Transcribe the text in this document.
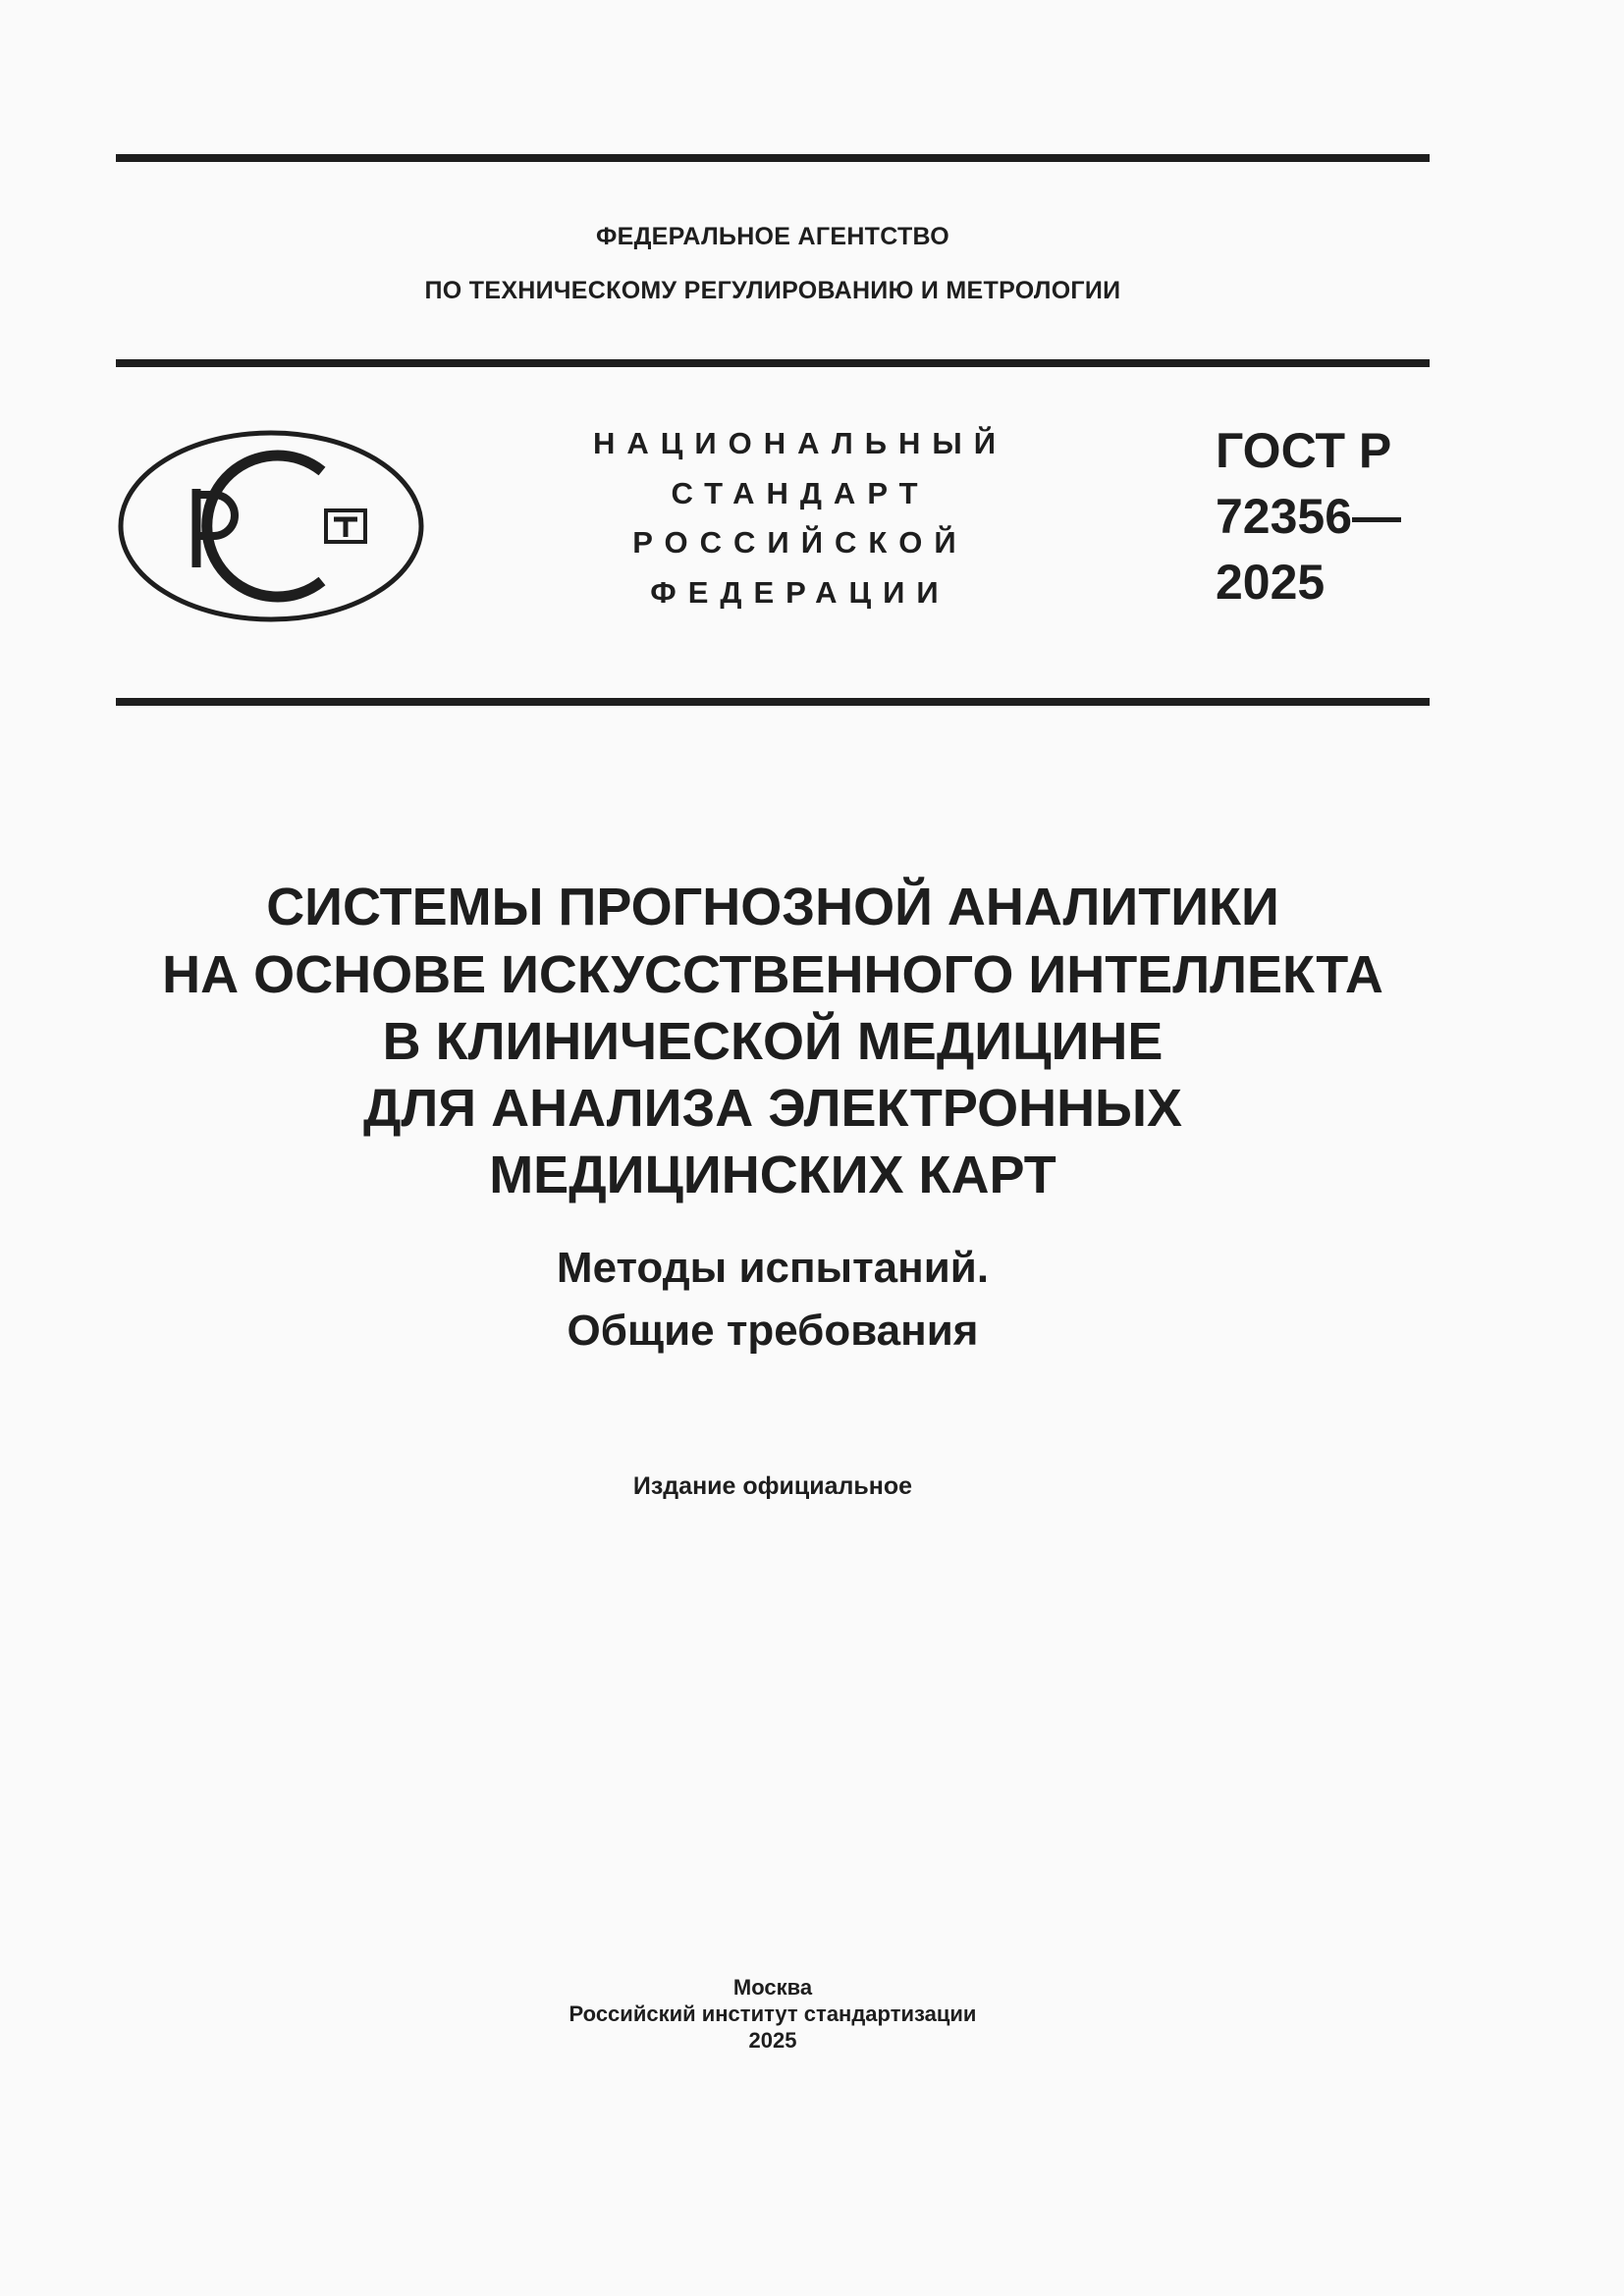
ФЕДЕРАЛЬНОЕ АГЕНТСТВО
ПО ТЕХНИЧЕСКОМУ РЕГУЛИРОВАНИЮ И МЕТРОЛОГИИ
НАЦИОНАЛЬНЫЙ
СТАНДАРТ
РОССИЙСКОЙ
ФЕДЕРАЦИИ
ГОСТ Р
72356—
2025
СИСТЕМЫ ПРОГНОЗНОЙ АНАЛИТИКИ
НА ОСНОВЕ ИСКУССТВЕННОГО ИНТЕЛЛЕКТА
В КЛИНИЧЕСКОЙ МЕДИЦИНЕ
ДЛЯ АНАЛИЗА ЭЛЕКТРОННЫХ
МЕДИЦИНСКИХ КАРТ
Методы испытаний.
Общие требования
Издание официальное
Москва
Российский институт стандартизации
2025
